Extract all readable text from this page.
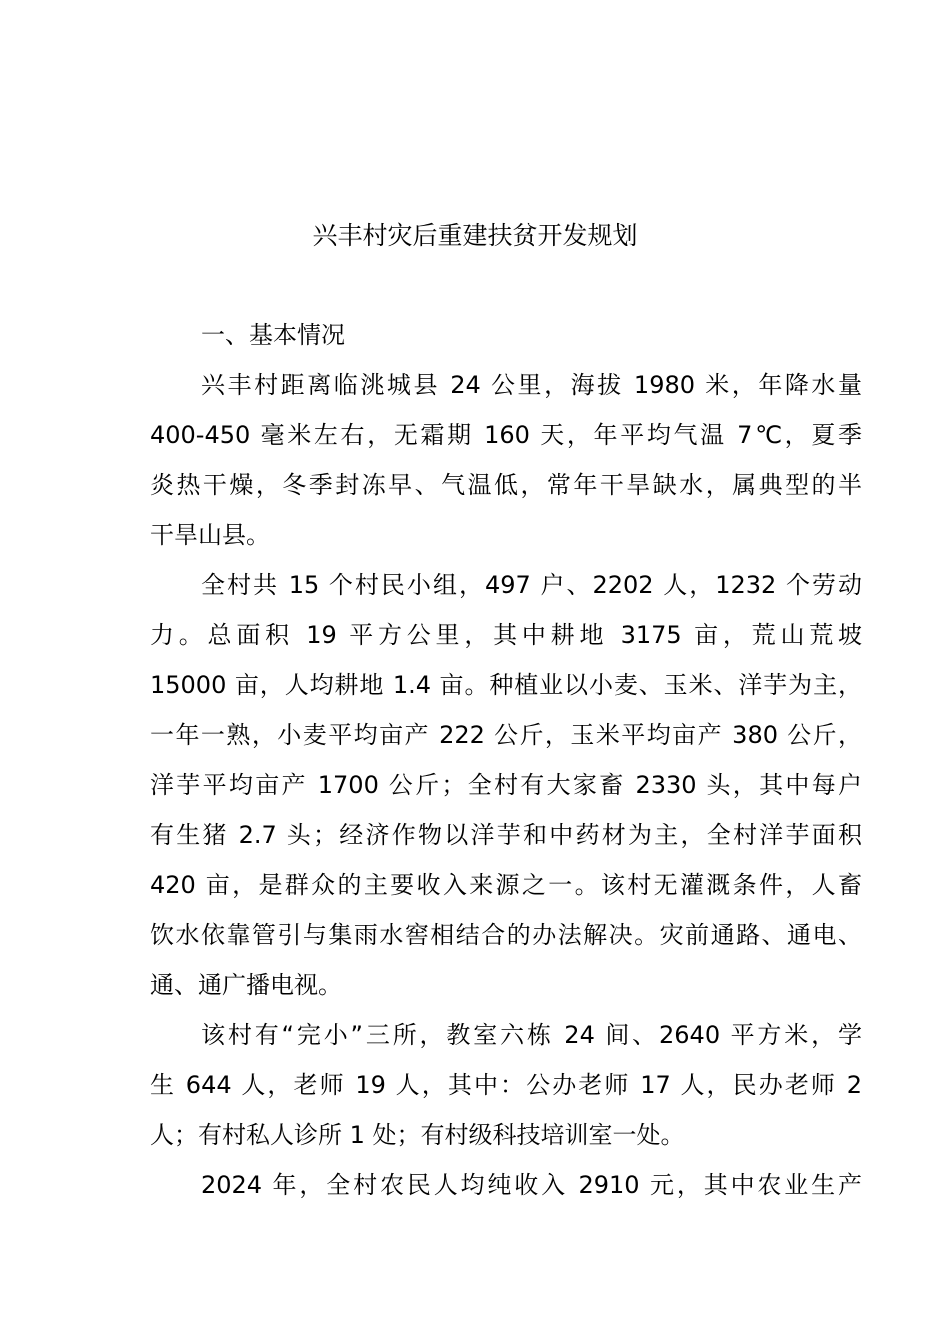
兴丰村灾后重建扶贫开发规划

一、基本情况

兴丰村距离临洮城县 24 公里，海拔 1980 米，年降水量
400-450 毫米左右，无霜期 160 天，年平均气温 7℃，夏季
炎热干燥，冬季封冻早、气温低，常年干旱缺水，属典型的半
干旱山县。

全村共 15 个村民小组，497 户、2202 人，1232 个劳动
力。总面积 19 平方公里，其中耕地 3175 亩，荒山荒坡
15000 亩，人均耕地 1.4 亩。种植业以小麦、玉米、洋芋为主，
一年一熟，小麦平均亩产 222 公斤，玉米平均亩产 380 公斤，
洋芋平均亩产 1700 公斤；全村有大家畜 2330 头，其中每户
有生猪 2.7 头；经济作物以洋芋和中药材为主，全村洋芋面积
420 亩，是群众的主要收入来源之一。该村无灌溉条件，人畜
饮水依靠管引与集雨水窖相结合的办法解决。灾前通路、通电、
通、通广播电视。

该村有“完小”三所，教室六栋 24 间、2640 平方米，学
生 644 人，老师 19 人，其中：公办老师 17 人，民办老师 2
人；有村私人诊所 1 处；有村级科技培训室一处。

2024 年，全村农民人均纯收入 2910 元，其中农业生产
